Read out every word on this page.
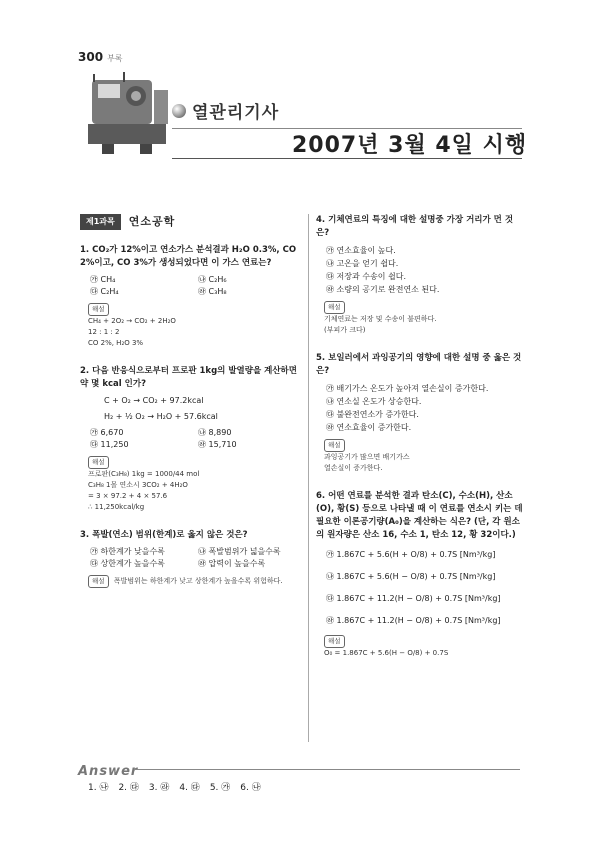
300 부록
열관리기사
2007년 3월 4일 시행
제1과목	연소공학
1. CO₂가 12%이고 연소가스 분석결과 H₂O 0.3%, CO 2%이고, CO 3%가 생성되었다면 이 가스 연료는?
㉮ CH₄	㉯ C₂H₆
㉰ C₂H₄	㉱ C₃H₈
해설
CH₄ + 2O₂ → CO₂ + 2H₂O
12 : 1 : 2
CO 2%, H₂O 3%
2. 다음 반응식으로부터 프로판 1kg의 발열량을 계산하면 약 몇 kcal 인가?
C + O₂ → CO₂ + 97.2kcal
H₂ + ½ O₂ → H₂O + 57.6kcal
㉮ 6,670	㉯ 8,890
㉰ 11,250	㉱ 15,710
해설
프로판(C₃H₈) 1kg = 1000/44 mol
C₃H₈ 1몰 연소시 3CO₂ + 4H₂O
= 3 × 97.2 + 4 × 57.6
∴ 11,250kcal/kg
3. 폭발(연소) 범위(한계)로 옳지 않은 것은?
㉮ 하한계가 낮을수록	㉯ 폭발범위가 넓을수록
㉰ 상한계가 높을수록	㉱ 압력이 높을수록
해설 폭발범위는 하한계가 낮고 상한계가 높을수록 위험하다.
4. 기체연료의 특징에 대한 설명중 가장 거리가 먼 것은?
㉮ 연소효율이 높다.
㉯ 고온을 얻기 쉽다.
㉰ 저장과 수송이 쉽다.
㉱ 소량의 공기로 완전연소 된다.
해설
기체연료는 저장 및 수송이 불편하다.
(부피가 크다)
5. 보일러에서 과잉공기의 영향에 대한 설명 중 옳은 것은?
㉮ 배기가스 온도가 높아져 열손실이 증가한다.
㉯ 연소실 온도가 상승한다.
㉰ 불완전연소가 증가한다.
㉱ 연소효율이 증가한다.
해설
과잉공기가 많으면 배기가스
열손실이 증가한다.
6. 어떤 연료를 분석한 결과 탄소(C), 수소(H), 산소(O), 황(S) 등으로 나타낼 때 이 연료를 연소시 키는 데 필요한 이론공기량(A₀)을 계산하는 식은? (단, 각 원소의 원자량은 산소 16, 수소 1, 탄소 12, 황 32이다.)
㉮ 1.867C + 5.6(H + O/8) + 0.7S [Nm³/kg]
㉯ 1.867C + 5.6(H − O/8) + 0.7S [Nm³/kg]
㉰ 1.867C + 11.2(H − O/8) + 0.7S [Nm³/kg]
㉱ 1.867C + 11.2(H − O/8) + 0.7S [Nm³/kg]
해설
O₀ = 1.867C + 5.6(H − O/8) + 0.7S
Answer
1. ㉯ 2. ㉰ 3. ㉱ 4. ㉰ 5. ㉮ 6. ㉯
